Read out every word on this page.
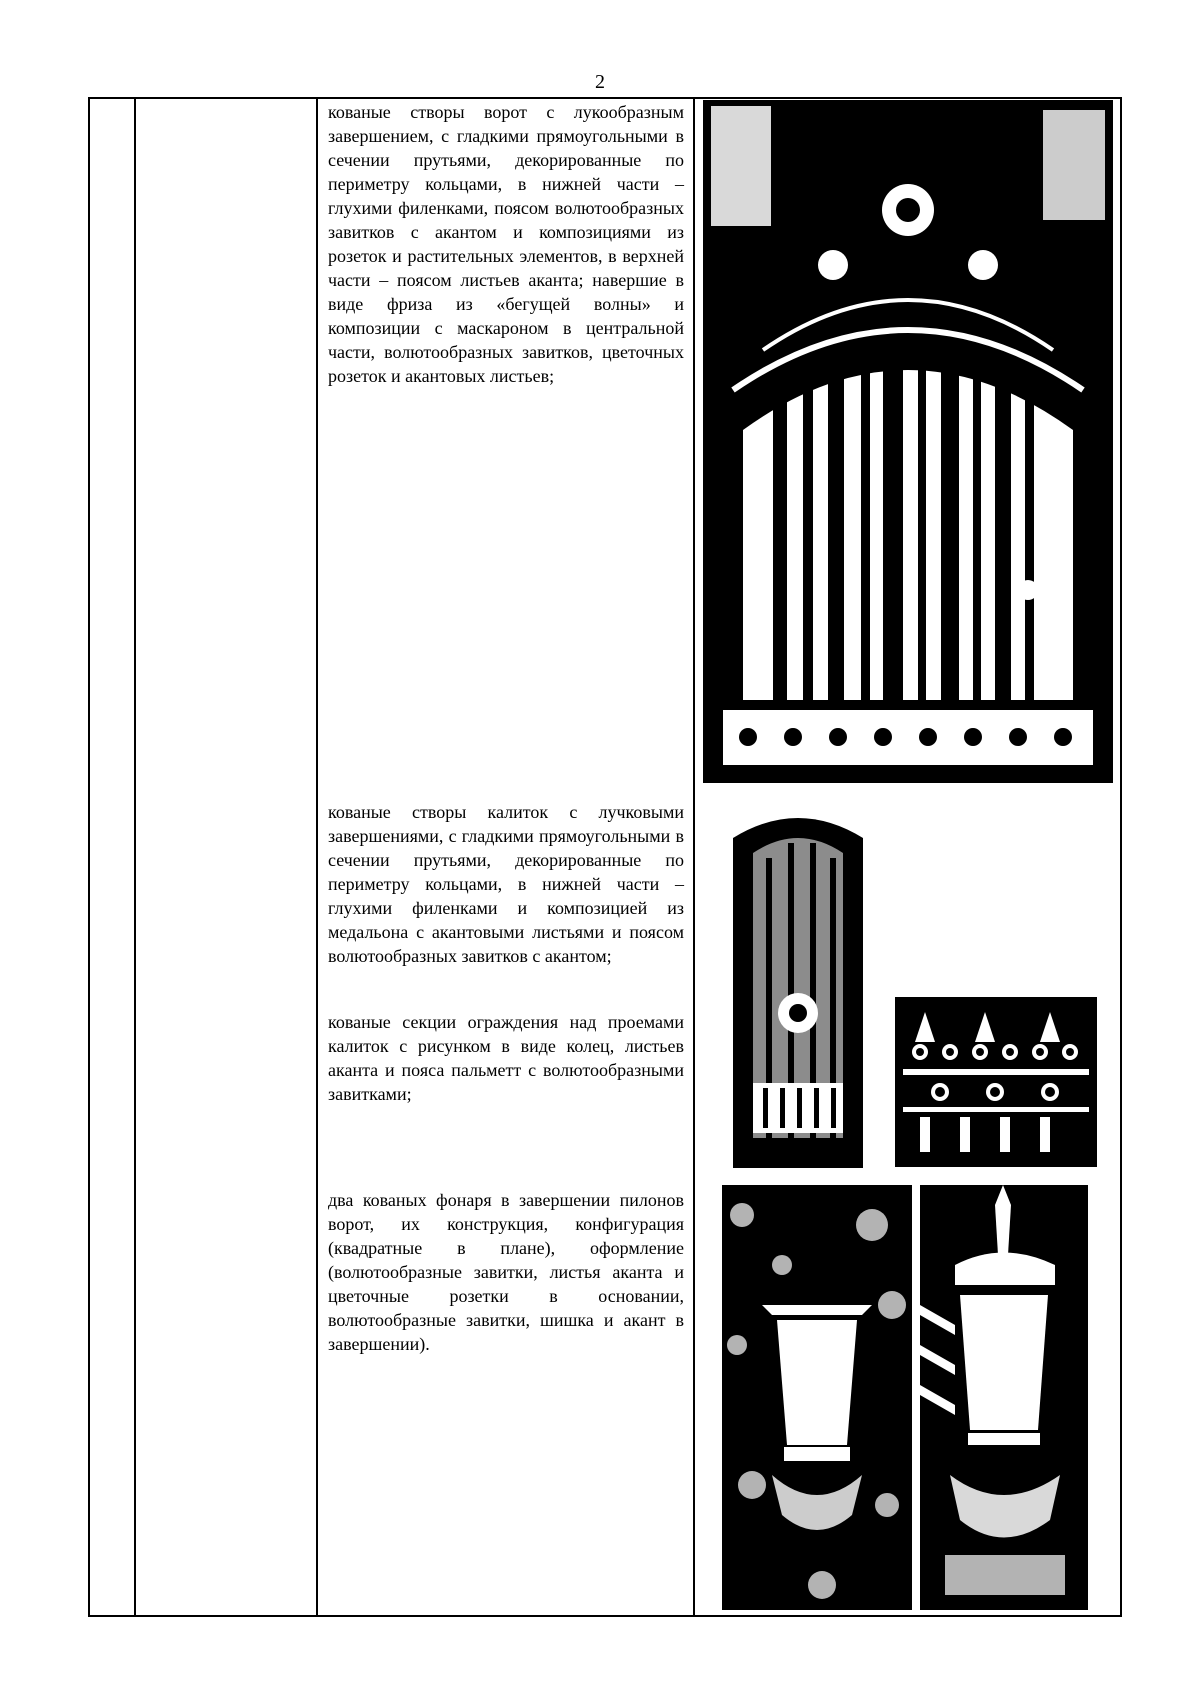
2

кованые створы ворот с лукообразным завершением, с гладкими прямоугольными в сечении прутьями, декорированные по периметру кольцами, в нижней части – глухими филенками, поясом волютообразных завитков с акантом и композициями из розеток и растительных элементов, в верхней части – поясом листьев аканта; навершие в виде фриза из «бегущей волны» и композиции с маскароном в центральной части, волютообразных завитков, цветочных розеток и акантовых листьев;

кованые створы калиток с лучковыми завершениями, с гладкими прямоугольными в сечении прутьями, декорированные по периметру кольцами, в нижней части – глухими филенками и композицией из медальона с акантовыми листьями и поясом волютообразных завитков с акантом;

кованые секции ограждения над проемами калиток с рисунком в виде колец, листьев аканта и пояса пальметт с волютообразными завитками;

два кованых фонаря в завершении пилонов ворот, их конструкция, конфигурация (квадратные в плане), оформление (волютообразные завитки, листья аканта и цветочные розетки в основании, волютообразные завитки, шишка и акант в завершении).
